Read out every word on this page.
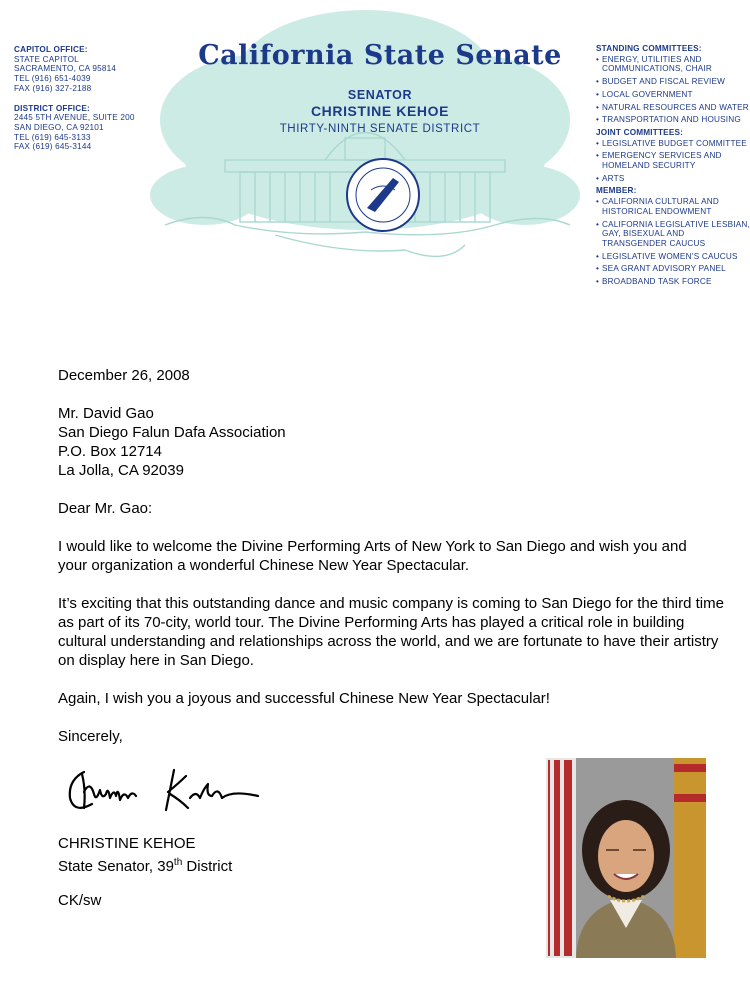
CAPITOL OFFICE:
STATE CAPITOL
SACRAMENTO, CA 95814
TEL (916) 651-4039
FAX (916) 327-2188
DISTRICT OFFICE:
2445 5TH AVENUE, SUITE 200
SAN DIEGO, CA 92101
TEL (619) 645-3133
FAX (619) 645-3144
California State Senate
SENATOR
CHRISTINE KEHOE
THIRTY-NINTH SENATE DISTRICT
STANDING COMMITTEES:
• ENERGY, UTILITIES AND COMMUNICATIONS, CHAIR
• BUDGET AND FISCAL REVIEW
• LOCAL GOVERNMENT
• NATURAL RESOURCES AND WATER
• TRANSPORTATION AND HOUSING
JOINT COMMITTEES:
• LEGISLATIVE BUDGET COMMITTEE
• EMERGENCY SERVICES AND HOMELAND SECURITY
• ARTS
MEMBER:
• CALIFORNIA CULTURAL AND HISTORICAL ENDOWMENT
• CALIFORNIA LEGISLATIVE LESBIAN, GAY, BISEXUAL AND TRANSGENDER CAUCUS
• LEGISLATIVE WOMEN’S CAUCUS
• SEA GRANT ADVISORY PANEL
• BROADBAND TASK FORCE
December 26, 2008
Mr. David Gao
San Diego Falun Dafa Association
P.O. Box 12714
La Jolla, CA 92039
Dear Mr. Gao:
I would like to welcome the Divine Performing Arts of New York to San Diego and wish you and your organization a wonderful Chinese New Year Spectacular.
It’s exciting that this outstanding dance and music company is coming to San Diego for the third time as part of its 70-city, world tour. The Divine Performing Arts has played a critical role in building cultural understanding and relationships across the world, and we are fortunate to have their artistry on display here in San Diego.
Again, I wish you a joyous and successful Chinese New Year Spectacular!
Sincerely,
CHRISTINE KEHOE
State Senator, 39th District
CK/sw
